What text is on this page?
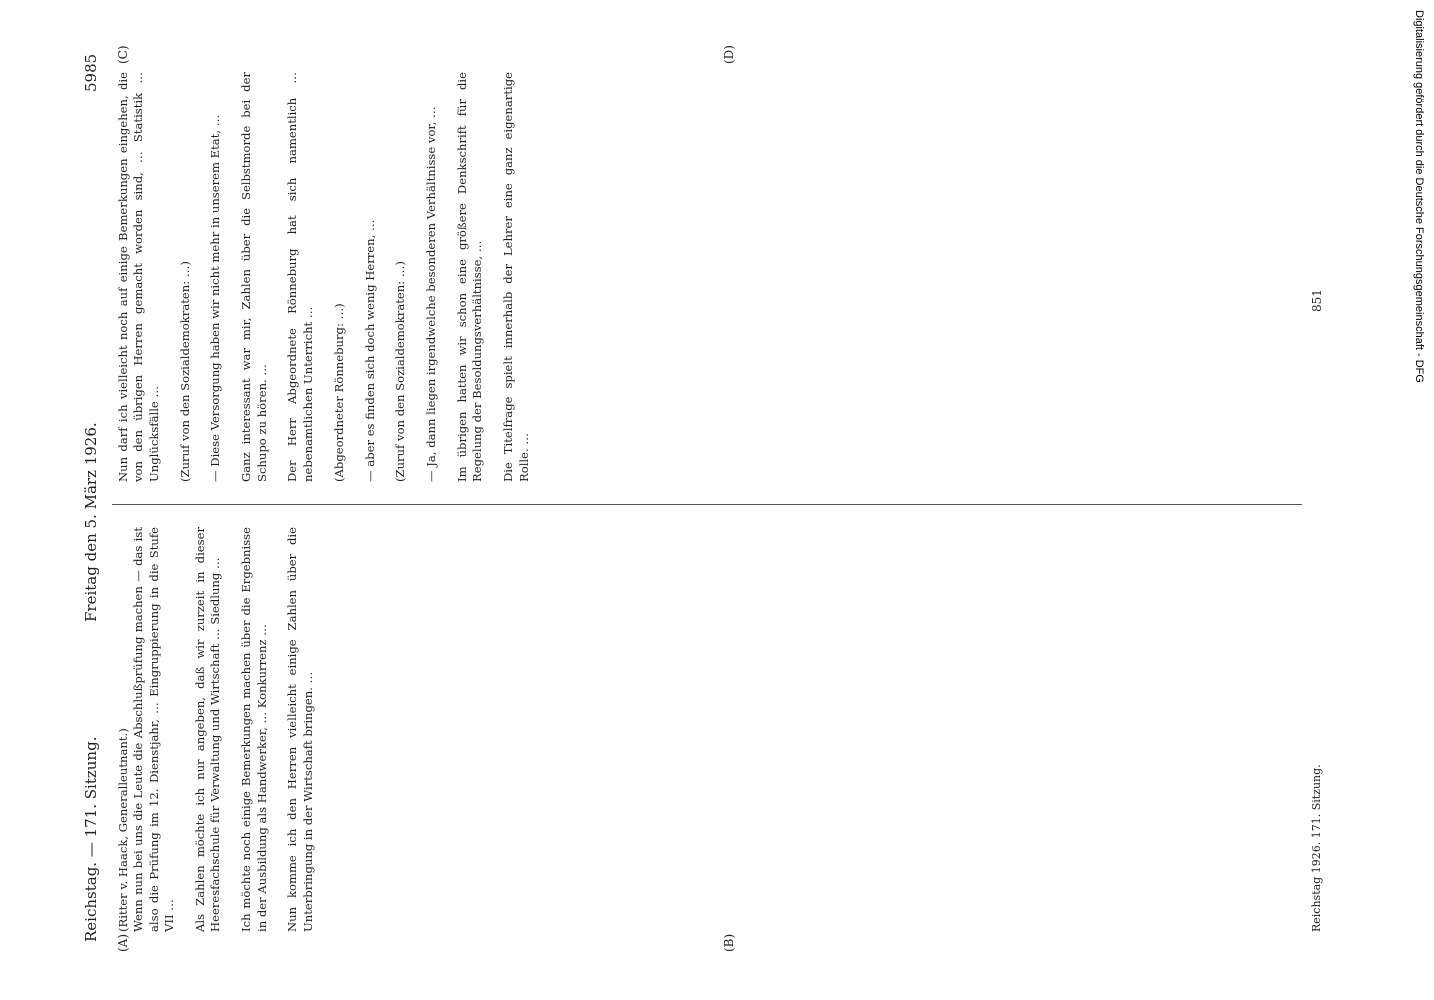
Reichstag. — 171. Sitzung.
Freitag den 5. März 1926.
5985
(A)	(B)
(C)	(D)
(Ritter v. Haack, Generalleutnant.)
Wenn nun bei uns die Leute die Abschlußprüfung machen — das ist also die Prüfung im 12. Dienstjahr, … Eingruppierung in die Stufe VII …

Als Zahlen möchte ich nur angeben, daß wir zurzeit in dieser Heeresfachschule für Verwaltung und Wirtschaft … Siedlung …

Ich möchte noch einige Bemerkungen machen über die Ergebnisse in der Ausbildung als Handwerker, … Konkurrenz …

Nun komme ich den Herren vielleicht einige Zahlen über die Unterbringung in der Wirtschaft bringen. …
Nun darf ich vielleicht noch auf einige Bemerkungen eingehen, die von den übrigen Herren gemacht worden sind, … Statistik … Unglücksfälle …

(Zuruf von den Sozialdemokraten: …)

— Diese Versorgung haben wir nicht mehr in unserem Etat, …

Ganz interessant war mir, Zahlen über die Selbstmorde bei der Schupo zu hören. …

Der Herr Abgeordnete Rönneburg hat sich namentlich … nebenamtlichen Unterricht …

(Abgeordneter Rönneburg: …)

— aber es finden sich doch wenig Herren, …

(Zuruf von den Sozialdemokraten: …)

— Ja, dann liegen irgendwelche besonderen Verhältnisse vor, …

Im übrigen hatten wir schon eine größere Denkschrift für die Regelung der Besoldungsverhältnisse, …

Die Titelfrage spielt innerhalb der Lehrer eine ganz eigenartige Rolle. …
Reichstag 1926. 171. Sitzung.
851	Digitalisierung gefördert durch die Deutsche Forschungsgemeinschaft - DFG
